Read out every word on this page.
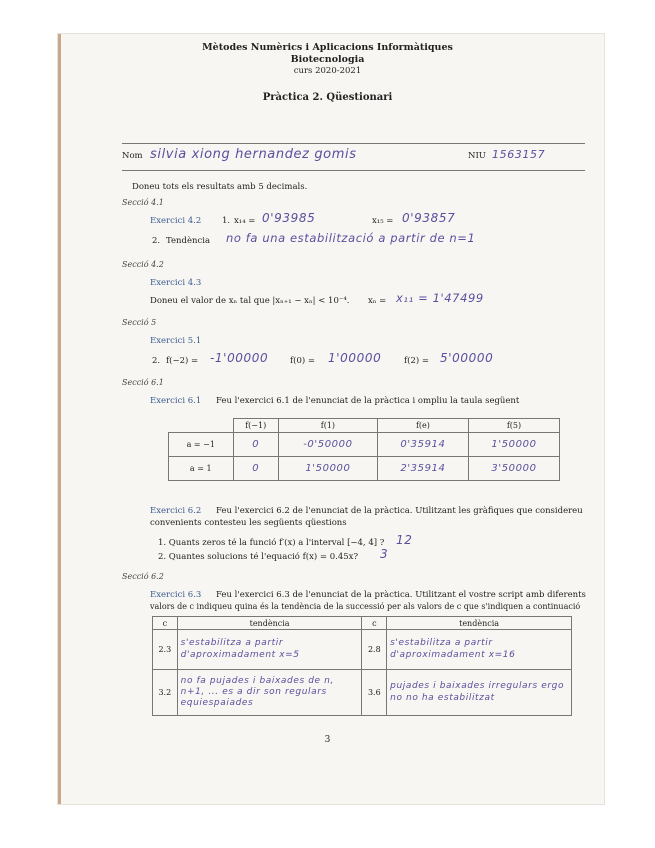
Mètodes Numèrics i Aplicacions Informàtiques
Biotecnologia
curs 2020-2021
Pràctica 2. Qüestionari
Nom silvia xiong hernandez gomis	NIU 1563157
Doneu tots els resultats amb 5 decimals.
Secció 4.1
Exercici 4.2 1. x₁₄ = 0'93985	x₁₅ = 0'93857
2. Tendència no fa una estabilització a partir de n=1
Secció 4.2
Exercici 4.3
Doneu el valor de xₙ tal que |xₙ₊₁ − xₙ| < 10⁻⁴. xₙ = x₁₁ = 1'47499
Secció 5
Exercici 5.1
2. f(−2) = -1'00000	f(0) = 1'00000	f(2) = 5'00000
Secció 6.1
Exercici 6.1 Feu l'exercici 6.1 de l'enunciat de la pràctica i ompliu la taula següent
	f(−1)	f(1)	f(e)	f(5)
a = −1	0	-0'50000	0'35914	1'50000
a = 1	0	1'50000	2'35914	3'50000
Exercici 6.2 Feu l'exercici 6.2 de l'enunciat de la pràctica. Utilitzant les gràfiques que considereu
convenients contesteu les següents qüestions
1. Quants zeros té la funció f′(x) a l'interval [−4, 4] ? 12
2. Quantes solucions té l'equació f(x) = 0.45x? 3
Secció 6.2
Exercici 6.3 Feu l'exercici 6.3 de l'enunciat de la pràctica. Utilitzant el vostre script amb diferents
valors de c indiqueu quina és la tendència de la successió per als valors de c que s'indiquen a continuació
c	tendència	c	tendència
2.3	s'estabilitza a partir d'aproximadament x=5	2.8	s'estabilitza a partir d'aproximadament x=16
3.2	no fa pujades i baixades de n, n+1, ... es a dir son regulars equiespaiades	3.6	pujades i baixades irregulars ergo no no ha estabilitzat
3
